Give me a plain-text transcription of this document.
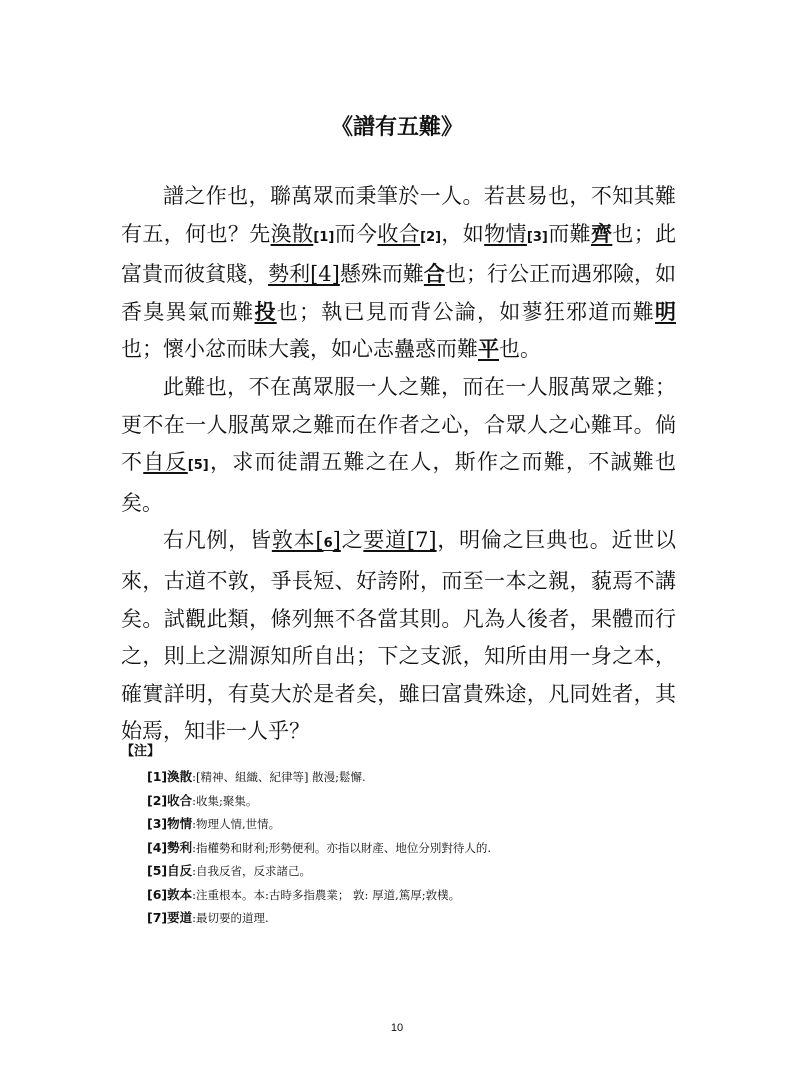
《譜有五難》

譜之作也，聯萬眾而秉筆於一人。若甚易也，不知其難有五，何也？先渙散[1]而今收合[2]，如物情[3]而難齊也；此富貴而彼貧賤，勢利[4]懸殊而難合也；行公正而遇邪險，如香臭異氣而難投也；執已見而背公論，如蓼狂邪道而難明也；懷小忿而昧大義，如心志蠱惑而難平也。

此難也，不在萬眾服一人之難，而在一人服萬眾之難；更不在一人服萬眾之難而在作者之心，合眾人之心難耳。倘不自反[5]，求而徒謂五難之在人，斯作之而難，不誠難也矣。

右凡例，皆敦本[6]之要道[7]，明倫之巨典也。近世以來，古道不敦，爭長短、好誇附，而至一本之親，藐焉不講矣。試觀此類，條列無不各當其則。凡為人後者，果體而行之，則上之淵源知所自出；下之支派，知所由用一身之本，確實詳明，有莫大於是者矣，雖曰富貴殊途，凡同姓者，其始焉，知非一人乎？

【注】
[1]渙散:[精神、組織、紀律等] 散漫;鬆懈.
[2]收合:收集;聚集。
[3]物情:物理人情,世情。
[4]勢利:指權勢和財利;形勢便利。亦指以財產、地位分別對待人的.
[5]自反:自我反省，反求諸己。
[6]敦本:注重根本。本:古時多指農業； 敦: 厚道,篤厚;敦樸。
[7]要道:最切要的道理.
10
